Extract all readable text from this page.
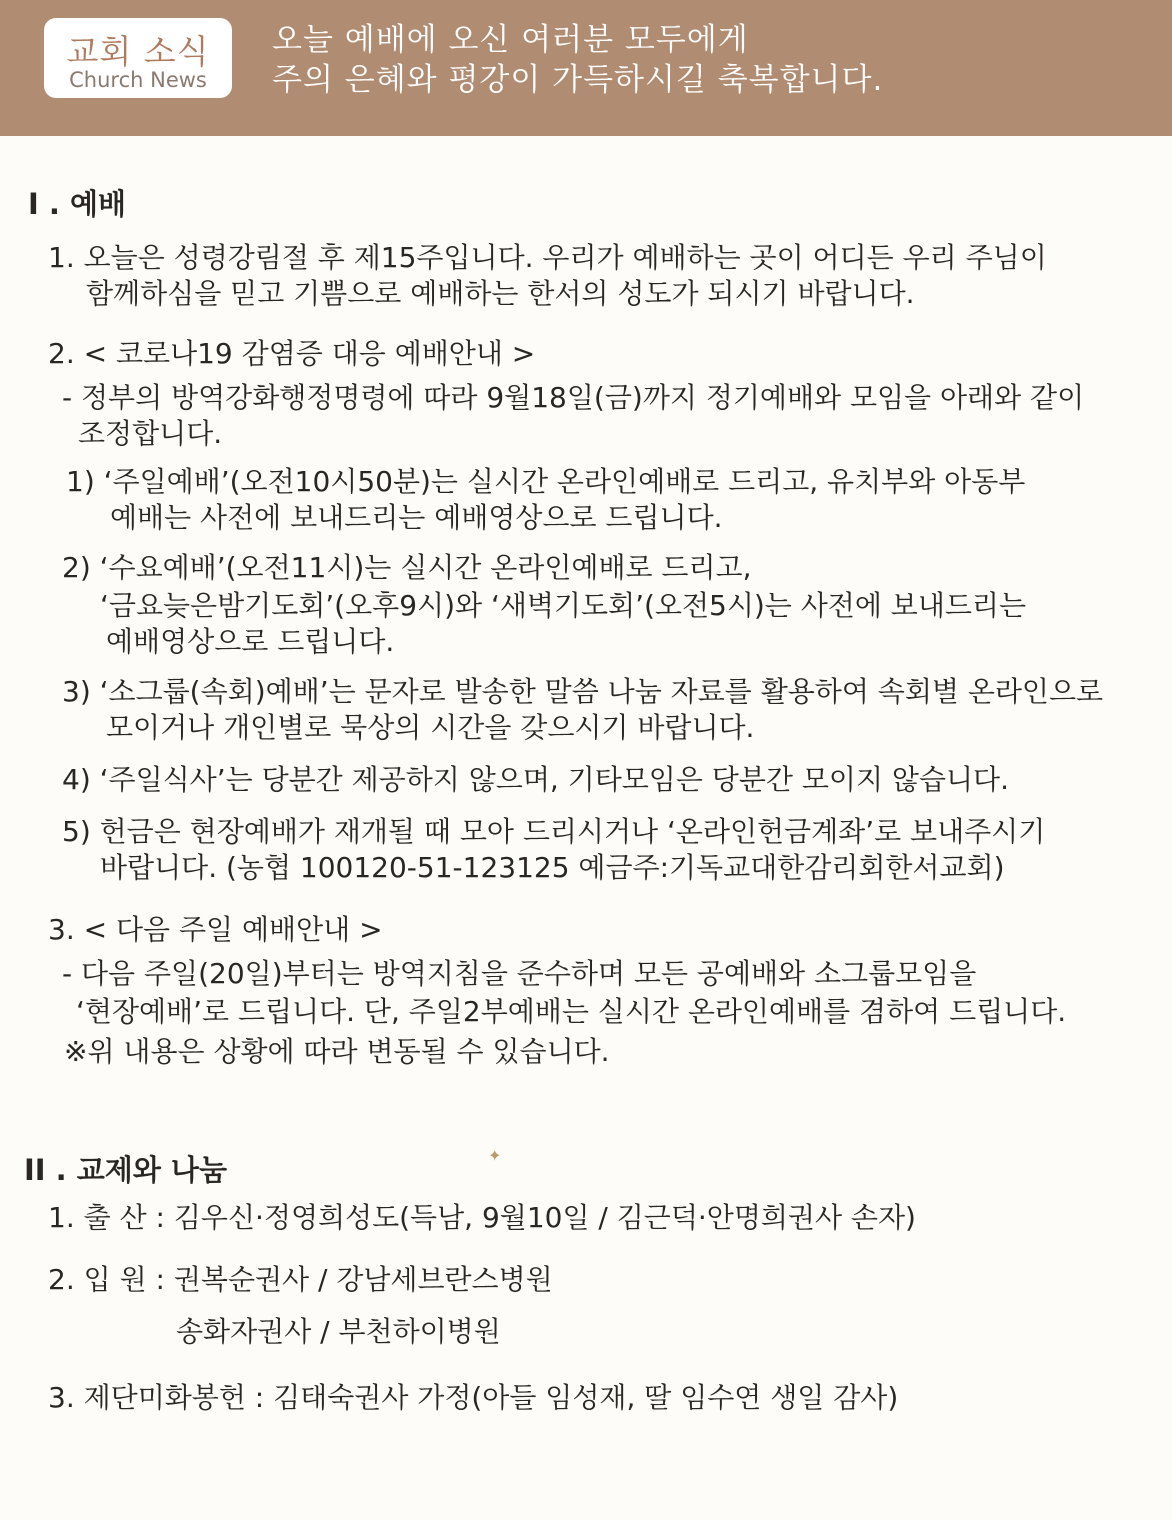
교회 소식
Church News
오늘 예배에 오신 여러분 모두에게
주의 은혜와 평강이 가득하시길 축복합니다.
I . 예배
1. 오늘은 성령강림절 후 제15주입니다. 우리가 예배하는 곳이 어디든 우리 주님이
함께하심을 믿고 기쁨으로 예배하는 한서의 성도가 되시기 바랍니다.
2. < 코로나19 감염증 대응 예배안내 >
- 정부의 방역강화행정명령에 따라 9월18일(금)까지 정기예배와 모임을 아래와 같이
조정합니다.
1) ‘주일예배’(오전10시50분)는 실시간 온라인예배로 드리고, 유치부와 아동부
예배는 사전에 보내드리는 예배영상으로 드립니다.
2) ‘수요예배’(오전11시)는 실시간 온라인예배로 드리고,
‘금요늦은밤기도회’(오후9시)와 ‘새벽기도회’(오전5시)는 사전에 보내드리는
예배영상으로 드립니다.
3) ‘소그룹(속회)예배’는 문자로 발송한 말씀 나눔 자료를 활용하여 속회별 온라인으로
모이거나 개인별로 묵상의 시간을 갖으시기 바랍니다.
4) ‘주일식사’는 당분간 제공하지 않으며, 기타모임은 당분간 모이지 않습니다.
5) 헌금은 현장예배가 재개될 때 모아 드리시거나 ‘온라인헌금계좌’로 보내주시기
바랍니다. (농협 100120-51-123125 예금주:기독교대한감리회한서교회)
3. < 다음 주일 예배안내 >
- 다음 주일(20일)부터는 방역지침을 준수하며 모든 공예배와 소그룹모임을
‘현장예배’로 드립니다. 단, 주일2부예배는 실시간 온라인예배를 겸하여 드립니다.
※위 내용은 상황에 따라 변동될 수 있습니다.
✦
II . 교제와 나눔
1. 출 산 : 김우신·정영희성도(득남, 9월10일 / 김근덕·안명희권사 손자)
2. 입 원 : 권복순권사 / 강남세브란스병원
송화자권사 / 부천하이병원
3. 제단미화봉헌 : 김태숙권사 가정(아들 임성재, 딸 임수연 생일 감사)
